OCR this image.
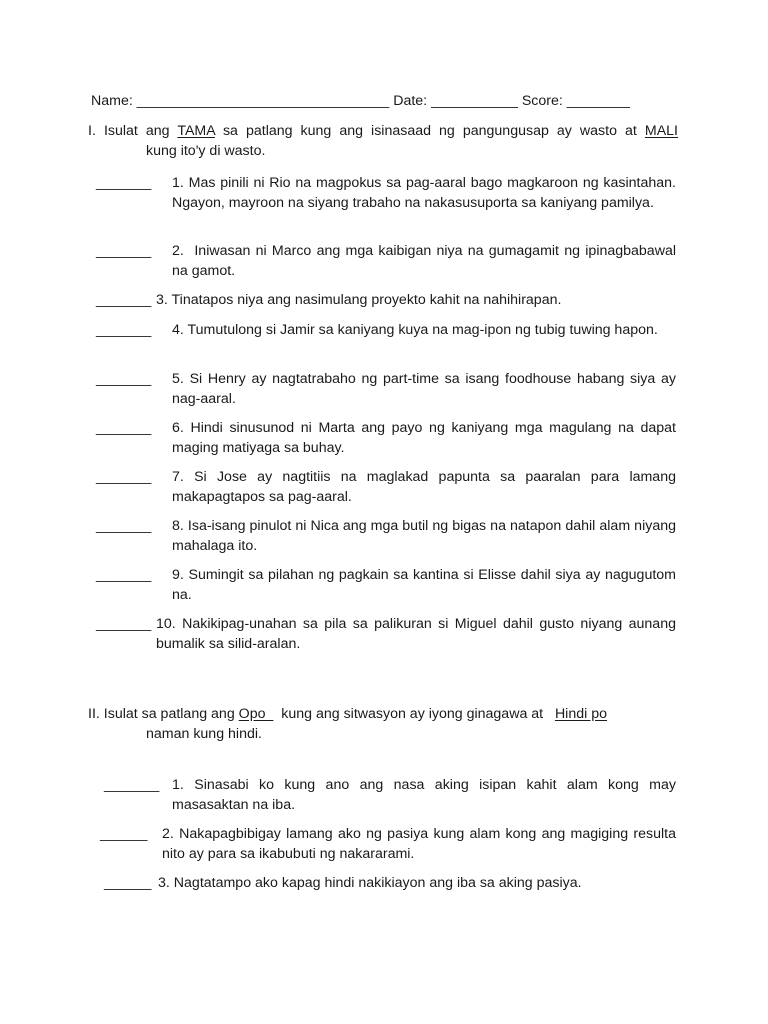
Name: ________________________________ Date: ___________ Score: ________
I. Isulat ang TAMA sa patlang kung ang isinasaad ng pangungusap ay wasto at MALI
kung ito'y di wasto.
_______ 1. Mas pinili ni Rio na magpokus sa pag-aaral bago magkaroon ng kasintahan. Ngayon, mayroon na siyang trabaho na nakasusuporta sa kaniyang pamilya.
_______ 2. Iniwasan ni Marco ang mga kaibigan niya na gumagamit ng ipinagbabawal      na gamot.
_______ 3. Tinatapos niya ang nasimulang proyekto kahit na nahihirapan.
_______ 4. Tumutulong si Jamir sa kaniyang kuya na mag-ipon ng tubig tuwing hapon.
_______ 5. Si Henry ay nagtatrabaho ng part-time sa isang foodhouse habang siya ay nag-aaral.
_______ 6. Hindi sinusunod ni Marta ang payo ng kaniyang mga magulang na dapat maging matiyaga sa buhay.
_______ 7. Si Jose ay nagtitiis na maglakad papunta sa paaralan para lamang makapagtapos sa pag-aaral.
_______ 8. Isa-isang pinulot ni Nica ang mga butil ng bigas na natapon dahil alam niyang mahalaga ito.
_______ 9. Sumingit sa pilahan ng pagkain sa kantina si Elisse dahil siya ay nagugutom na.
_______ 10. Nakikipag-unahan sa pila sa palikuran si Miguel dahil gusto niyang aunang bumalik sa silid-aralan.
II. Isulat sa patlang ang Opo    kung ang sitwasyon ay iyong ginagawa at   Hindi po
naman kung hindi.
_______ 1. Sinasabi ko kung ano ang nasa aking isipan kahit alam kong may masasaktan na iba.
______ 2. Nakapagbibigay lamang ako ng pasiya kung alam kong ang magiging resulta nito ay para sa ikabubuti ng nakararami.
______ 3. Nagtatampo ako kapag hindi nakikiayon ang iba sa aking pasiya.
